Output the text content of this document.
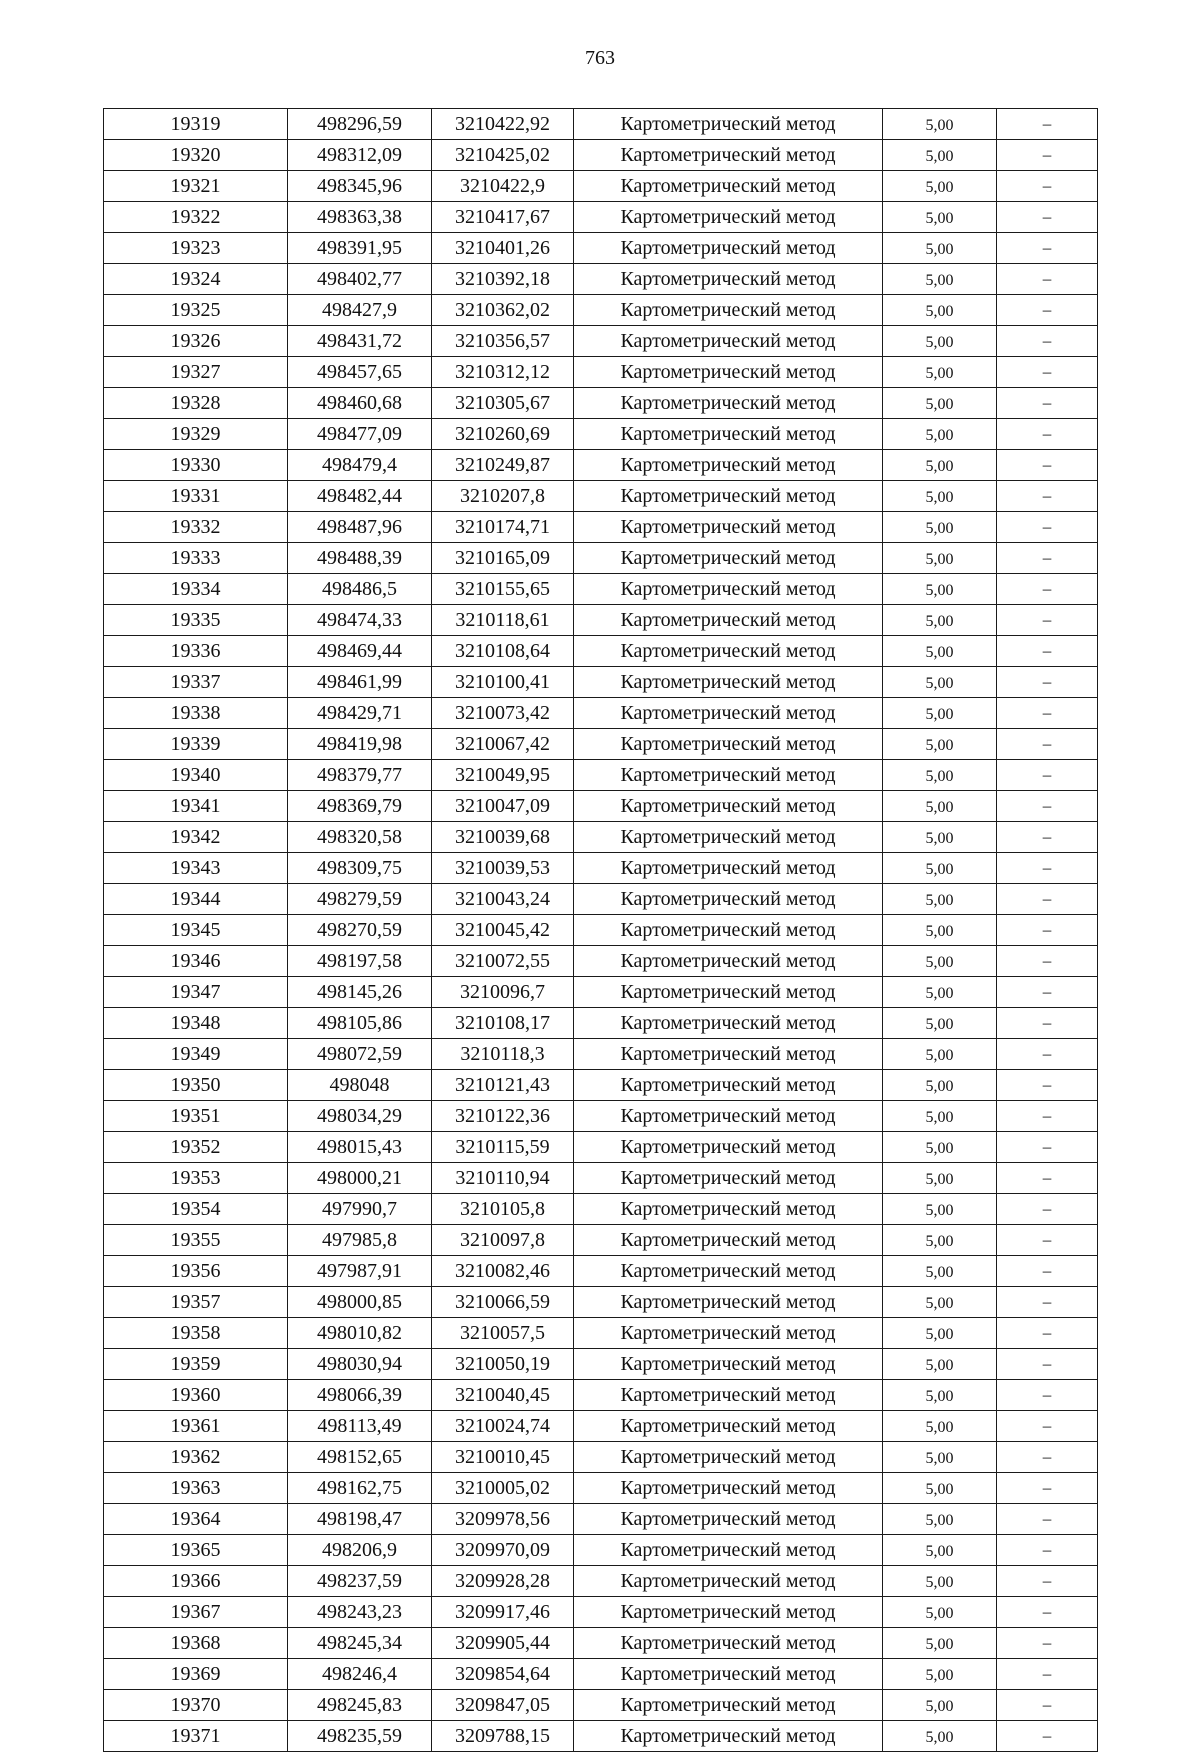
763
19319	498296,59	3210422,92	Картометрический метод	5,00	–
19320	498312,09	3210425,02	Картометрический метод	5,00	–
19321	498345,96	3210422,9	Картометрический метод	5,00	–
19322	498363,38	3210417,67	Картометрический метод	5,00	–
19323	498391,95	3210401,26	Картометрический метод	5,00	–
19324	498402,77	3210392,18	Картометрический метод	5,00	–
19325	498427,9	3210362,02	Картометрический метод	5,00	–
19326	498431,72	3210356,57	Картометрический метод	5,00	–
19327	498457,65	3210312,12	Картометрический метод	5,00	–
19328	498460,68	3210305,67	Картометрический метод	5,00	–
19329	498477,09	3210260,69	Картометрический метод	5,00	–
19330	498479,4	3210249,87	Картометрический метод	5,00	–
19331	498482,44	3210207,8	Картометрический метод	5,00	–
19332	498487,96	3210174,71	Картометрический метод	5,00	–
19333	498488,39	3210165,09	Картометрический метод	5,00	–
19334	498486,5	3210155,65	Картометрический метод	5,00	–
19335	498474,33	3210118,61	Картометрический метод	5,00	–
19336	498469,44	3210108,64	Картометрический метод	5,00	–
19337	498461,99	3210100,41	Картометрический метод	5,00	–
19338	498429,71	3210073,42	Картометрический метод	5,00	–
19339	498419,98	3210067,42	Картометрический метод	5,00	–
19340	498379,77	3210049,95	Картометрический метод	5,00	–
19341	498369,79	3210047,09	Картометрический метод	5,00	–
19342	498320,58	3210039,68	Картометрический метод	5,00	–
19343	498309,75	3210039,53	Картометрический метод	5,00	–
19344	498279,59	3210043,24	Картометрический метод	5,00	–
19345	498270,59	3210045,42	Картометрический метод	5,00	–
19346	498197,58	3210072,55	Картометрический метод	5,00	–
19347	498145,26	3210096,7	Картометрический метод	5,00	–
19348	498105,86	3210108,17	Картометрический метод	5,00	–
19349	498072,59	3210118,3	Картометрический метод	5,00	–
19350	498048	3210121,43	Картометрический метод	5,00	–
19351	498034,29	3210122,36	Картометрический метод	5,00	–
19352	498015,43	3210115,59	Картометрический метод	5,00	–
19353	498000,21	3210110,94	Картометрический метод	5,00	–
19354	497990,7	3210105,8	Картометрический метод	5,00	–
19355	497985,8	3210097,8	Картометрический метод	5,00	–
19356	497987,91	3210082,46	Картометрический метод	5,00	–
19357	498000,85	3210066,59	Картометрический метод	5,00	–
19358	498010,82	3210057,5	Картометрический метод	5,00	–
19359	498030,94	3210050,19	Картометрический метод	5,00	–
19360	498066,39	3210040,45	Картометрический метод	5,00	–
19361	498113,49	3210024,74	Картометрический метод	5,00	–
19362	498152,65	3210010,45	Картометрический метод	5,00	–
19363	498162,75	3210005,02	Картометрический метод	5,00	–
19364	498198,47	3209978,56	Картометрический метод	5,00	–
19365	498206,9	3209970,09	Картометрический метод	5,00	–
19366	498237,59	3209928,28	Картометрический метод	5,00	–
19367	498243,23	3209917,46	Картометрический метод	5,00	–
19368	498245,34	3209905,44	Картометрический метод	5,00	–
19369	498246,4	3209854,64	Картометрический метод	5,00	–
19370	498245,83	3209847,05	Картометрический метод	5,00	–
19371	498235,59	3209788,15	Картометрический метод	5,00	–
